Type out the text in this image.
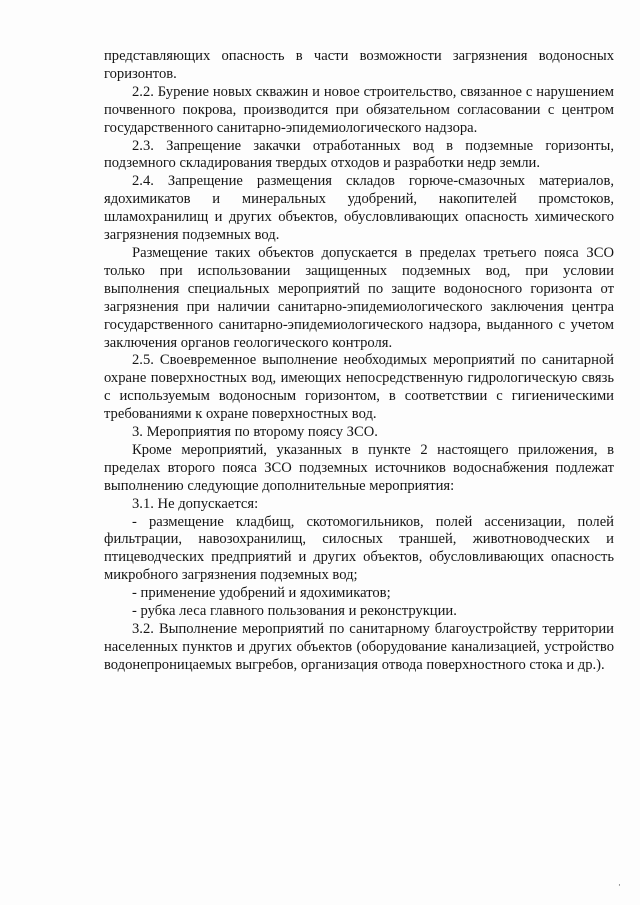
представляющих опасность в части возможности загрязнения водоносных горизонтов.

2.2. Бурение новых скважин и новое строительство, связанное с нарушением почвенного покрова, производится при обязательном согласовании с центром государственного санитарно-эпидемиологического надзора.

2.3. Запрещение закачки отработанных вод в подземные горизонты, подземного складирования твердых отходов и разработки недр земли.

2.4. Запрещение размещения складов горюче-смазочных материалов, ядохимикатов и минеральных удобрений, накопителей промстоков, шламохранилищ и других объектов, обусловливающих опасность химического загрязнения подземных вод.

Размещение таких объектов допускается в пределах третьего пояса ЗСО только при использовании защищенных подземных вод, при условии выполнения специальных мероприятий по защите водоносного горизонта от загрязнения при наличии санитарно-эпидемиологического заключения центра государственного санитарно-эпидемиологического надзора, выданного с учетом заключения органов геологического контроля.

2.5. Своевременное выполнение необходимых мероприятий по санитарной охране поверхностных вод, имеющих непосредственную гидрологическую связь с используемым водоносным горизонтом, в соответствии с гигиеническими требованиями к охране поверхностных вод.

3. Мероприятия по второму поясу ЗСО.

Кроме мероприятий, указанных в пункте 2 настоящего приложения, в пределах второго пояса ЗСО подземных источников водоснабжения подлежат выполнению следующие дополнительные мероприятия:

3.1. Не допускается:

- размещение кладбищ, скотомогильников, полей ассенизации, полей фильтрации, навозохранилищ, силосных траншей, животноводческих и птицеводческих предприятий и других объектов, обусловливающих опасность микробного загрязнения подземных вод;

- применение удобрений и ядохимикатов;

- рубка леса главного пользования и реконструкции.

3.2. Выполнение мероприятий по санитарному благоустройству территории населенных пунктов и других объектов (оборудование канализацией, устройство водонепроницаемых выгребов, организация отвода поверхностного стока и др.).

·
